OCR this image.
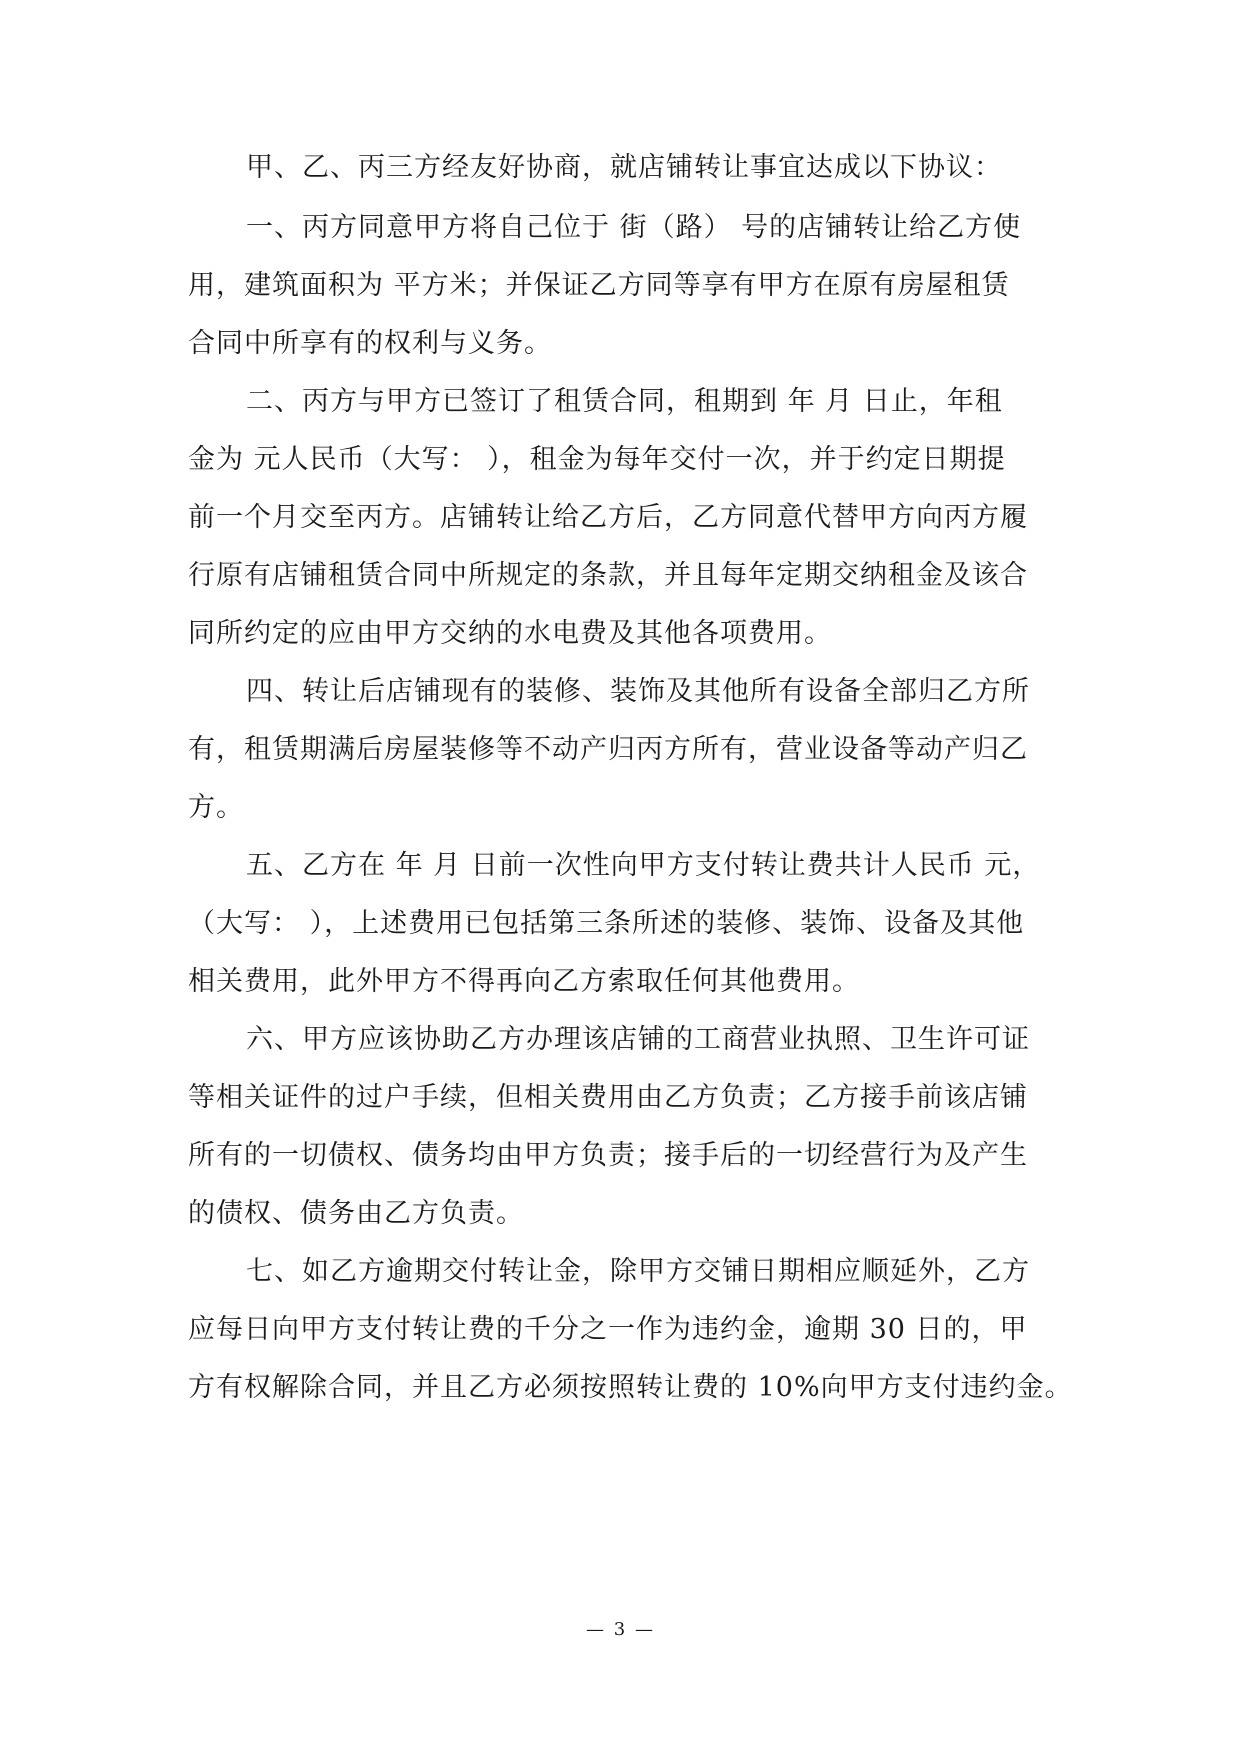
甲、乙、丙三方经友好协商，就店铺转让事宜达成以下协议：
一、丙方同意甲方将自己位于 街（路） 号的店铺转让给乙方使
用，建筑面积为 平方米；并保证乙方同等享有甲方在原有房屋租赁
合同中所享有的权利与义务。
二、丙方与甲方已签订了租赁合同，租期到 年 月 日止，年租
金为 元人民币（大写： ），租金为每年交付一次，并于约定日期提
前一个月交至丙方。店铺转让给乙方后，乙方同意代替甲方向丙方履
行原有店铺租赁合同中所规定的条款，并且每年定期交纳租金及该合
同所约定的应由甲方交纳的水电费及其他各项费用。
四、转让后店铺现有的装修、装饰及其他所有设备全部归乙方所
有，租赁期满后房屋装修等不动产归丙方所有，营业设备等动产归乙
方。
五、乙方在 年 月 日前一次性向甲方支付转让费共计人民币 元，
（大写： ），上述费用已包括第三条所述的装修、装饰、设备及其他
相关费用，此外甲方不得再向乙方索取任何其他费用。
六、甲方应该协助乙方办理该店铺的工商营业执照、卫生许可证
等相关证件的过户手续，但相关费用由乙方负责；乙方接手前该店铺
所有的一切债权、债务均由甲方负责；接手后的一切经营行为及产生
的债权、债务由乙方负责。
七、如乙方逾期交付转让金，除甲方交铺日期相应顺延外，乙方
应每日向甲方支付转让费的千分之一作为违约金，逾期 30 日的，甲
方有权解除合同，并且乙方必须按照转让费的 10%向甲方支付违约金。
— 3 —
